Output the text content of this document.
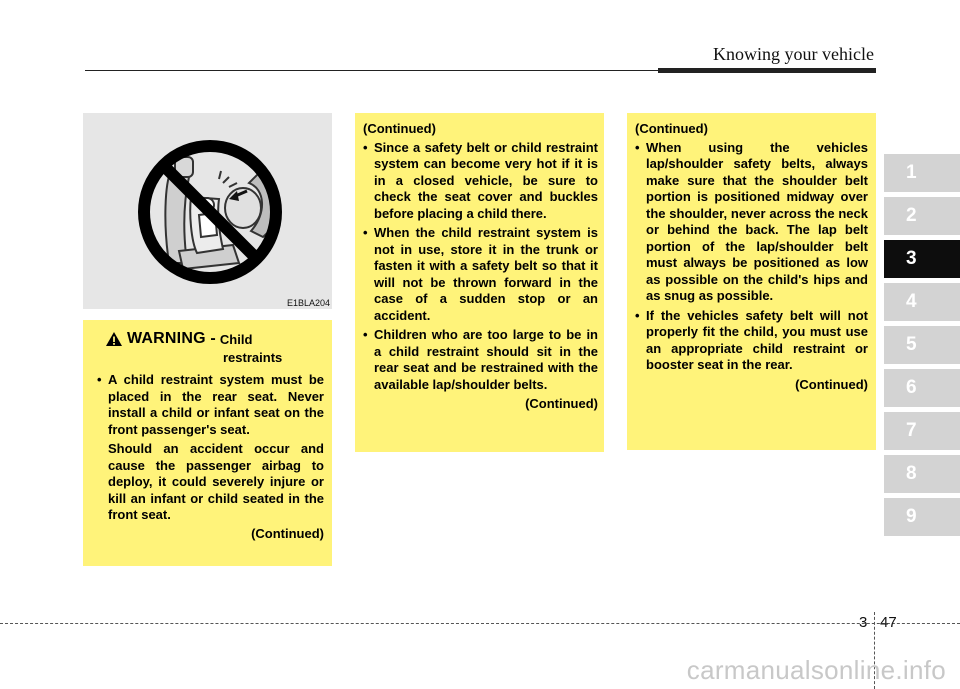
Knowing your vehicle
1
2
3
4
5
6
7
8
9
E1BLA204
WARNING - Child
restraints
• A child restraint system must be placed in the rear seat. Never install a child or infant seat on the front passenger's seat.
Should an accident occur and cause the passenger airbag to deploy, it could severely injure or kill an infant or child seated in the front seat.
(Continued)
(Continued)
• Since a safety belt or child restraint system can become very hot if it is in a closed vehicle, be sure to check the seat cover and buckles before placing a child there.
• When the child restraint system is not in use, store it in the trunk or fasten it with a safety belt so that it will not be thrown forward in the case of a sudden stop or an accident.
• Children who are too large to be in a child restraint should sit in the rear seat and be restrained with the available lap/shoulder belts.
(Continued)
(Continued)
• When using the vehicles lap/shoulder safety belts, always make sure that the shoulder belt portion is positioned midway over the shoulder, never across the neck or behind the back. The lap belt portion of the lap/shoulder belt must always be positioned as low as possible on the child's hips and as snug as possible.
• If the vehicles safety belt will not properly fit the child, you must use an appropriate child restraint or booster seat in the rear.
(Continued)
3 47
carmanualsonline.info
